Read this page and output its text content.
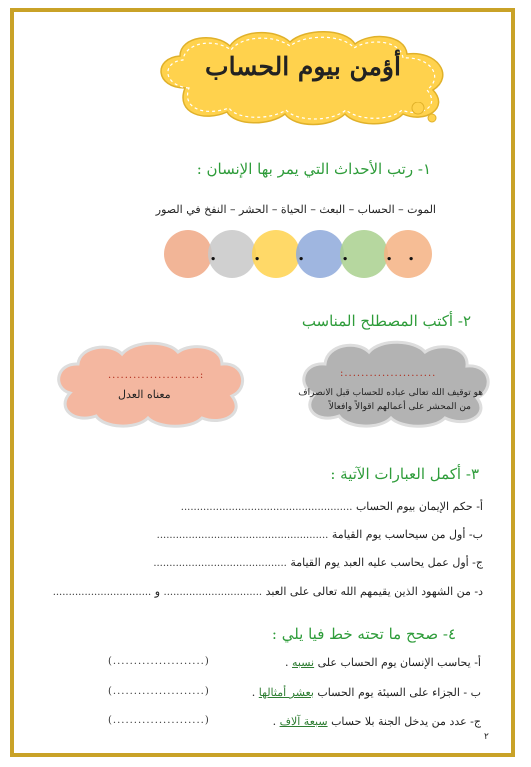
أؤمن بيوم الحساب
١- رتب الأحداث التي يمر بها الإنسان :
الموت – الحساب – البعث – الحياة – الحشر – النفخ في الصور
. . . . . .
٢- أكتب المصطلح المناسب
......................:
معناه العدل
:......................
هو توقيف الله تعالى عباده للحساب قبل الانصراف
من المحشر على أعمالهم اقوالاً وافعالاً
٣- أكمل العبارات الآتية :
أ- حكم الإيمان بيوم الحساب ......................................................
ب- أول من سيحاسب يوم القيامة ......................................................
ج- أول عمل يحاسب عليه العبد يوم القيامة ..........................................
د- من الشهود الذين يقيمهم الله تعالى على العبد ............................... و ...............................
٤- صحح ما تحته خط فيا يلي :
أ- يحاسب الإنسان يوم الحساب على نسبه .
(......................)
ب - الجزاء على السيئة يوم الحساب بعشر أمثالها .
(......................)
ج- عدد من يدخل الجنة بلا حساب سبعة آلاف .
(......................)
٢
